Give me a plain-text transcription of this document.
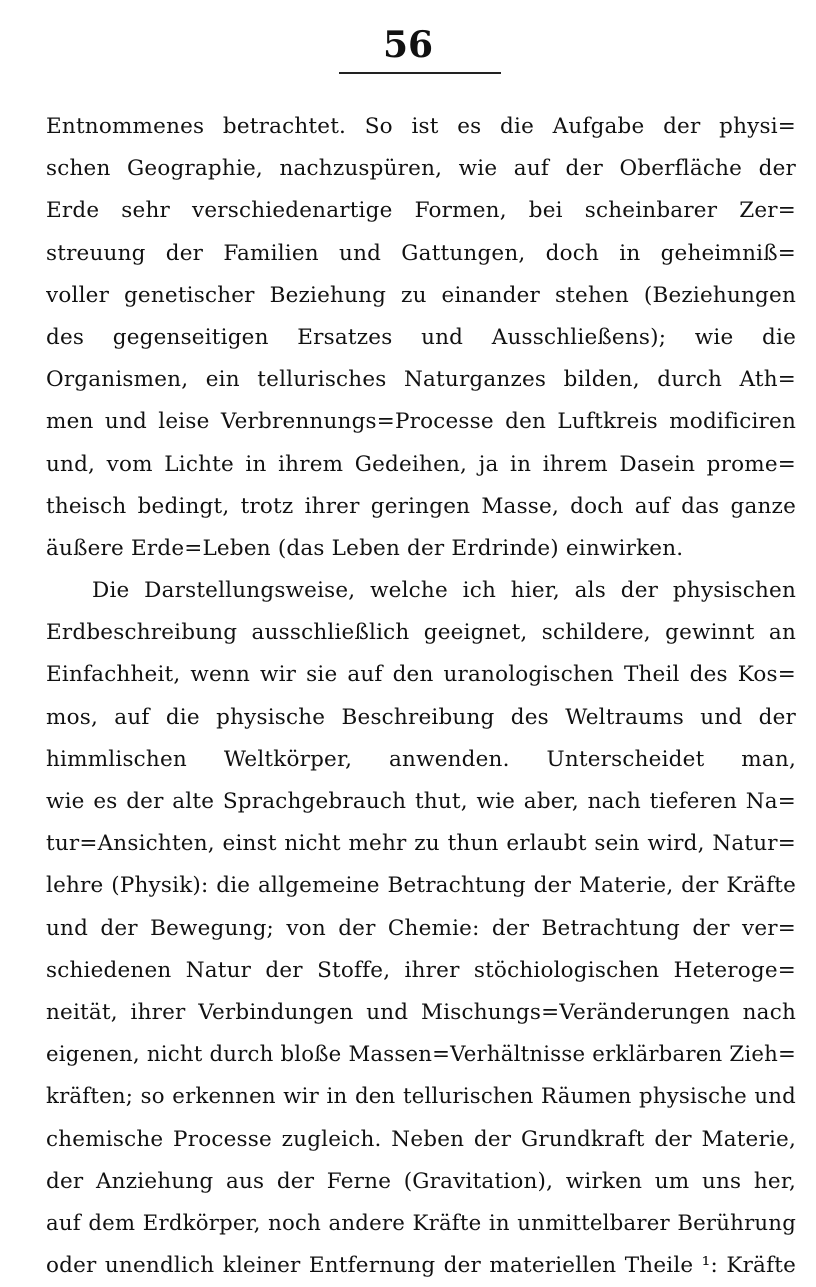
56
Entnommenes betrachtet. So ist es die Aufgabe der physi=
schen Geographie, nachzuspüren, wie auf der Oberfläche der
Erde sehr verschiedenartige Formen, bei scheinbarer Zer=
streuung der Familien und Gattungen, doch in geheimniß=
voller genetischer Beziehung zu einander stehen (Beziehungen
des gegenseitigen Ersatzes und Ausschließens); wie die
Organismen, ein tellurisches Naturganzes bilden, durch Ath=
men und leise Verbrennungs=Processe den Luftkreis modificiren
und, vom Lichte in ihrem Gedeihen, ja in ihrem Dasein prome=
theisch bedingt, trotz ihrer geringen Masse, doch auf das ganze
äußere Erde=Leben (das Leben der Erdrinde) einwirken.
Die Darstellungsweise, welche ich hier, als der physischen
Erdbeschreibung ausschließlich geeignet, schildere, gewinnt an
Einfachheit, wenn wir sie auf den uranologischen Theil des Kos=
mos, auf die physische Beschreibung des Weltraums und der
himmlischen Weltkörper, anwenden. Unterscheidet man,
wie es der alte Sprachgebrauch thut, wie aber, nach tieferen Na=
tur=Ansichten, einst nicht mehr zu thun erlaubt sein wird, Natur=
lehre (Physik): die allgemeine Betrachtung der Materie, der Kräfte
und der Bewegung; von der Chemie: der Betrachtung der ver=
schiedenen Natur der Stoffe, ihrer stöchiologischen Heteroge=
neität, ihrer Verbindungen und Mischungs=Veränderungen nach
eigenen, nicht durch bloße Massen=Verhältnisse erklärbaren Zieh=
kräften; so erkennen wir in den tellurischen Räumen physische und
chemische Processe zugleich. Neben der Grundkraft der Materie,
der Anziehung aus der Ferne (Gravitation), wirken um uns her,
auf dem Erdkörper, noch andere Kräfte in unmittelbarer Berührung
oder unendlich kleiner Entfernung der materiellen Theile ¹: Kräfte
